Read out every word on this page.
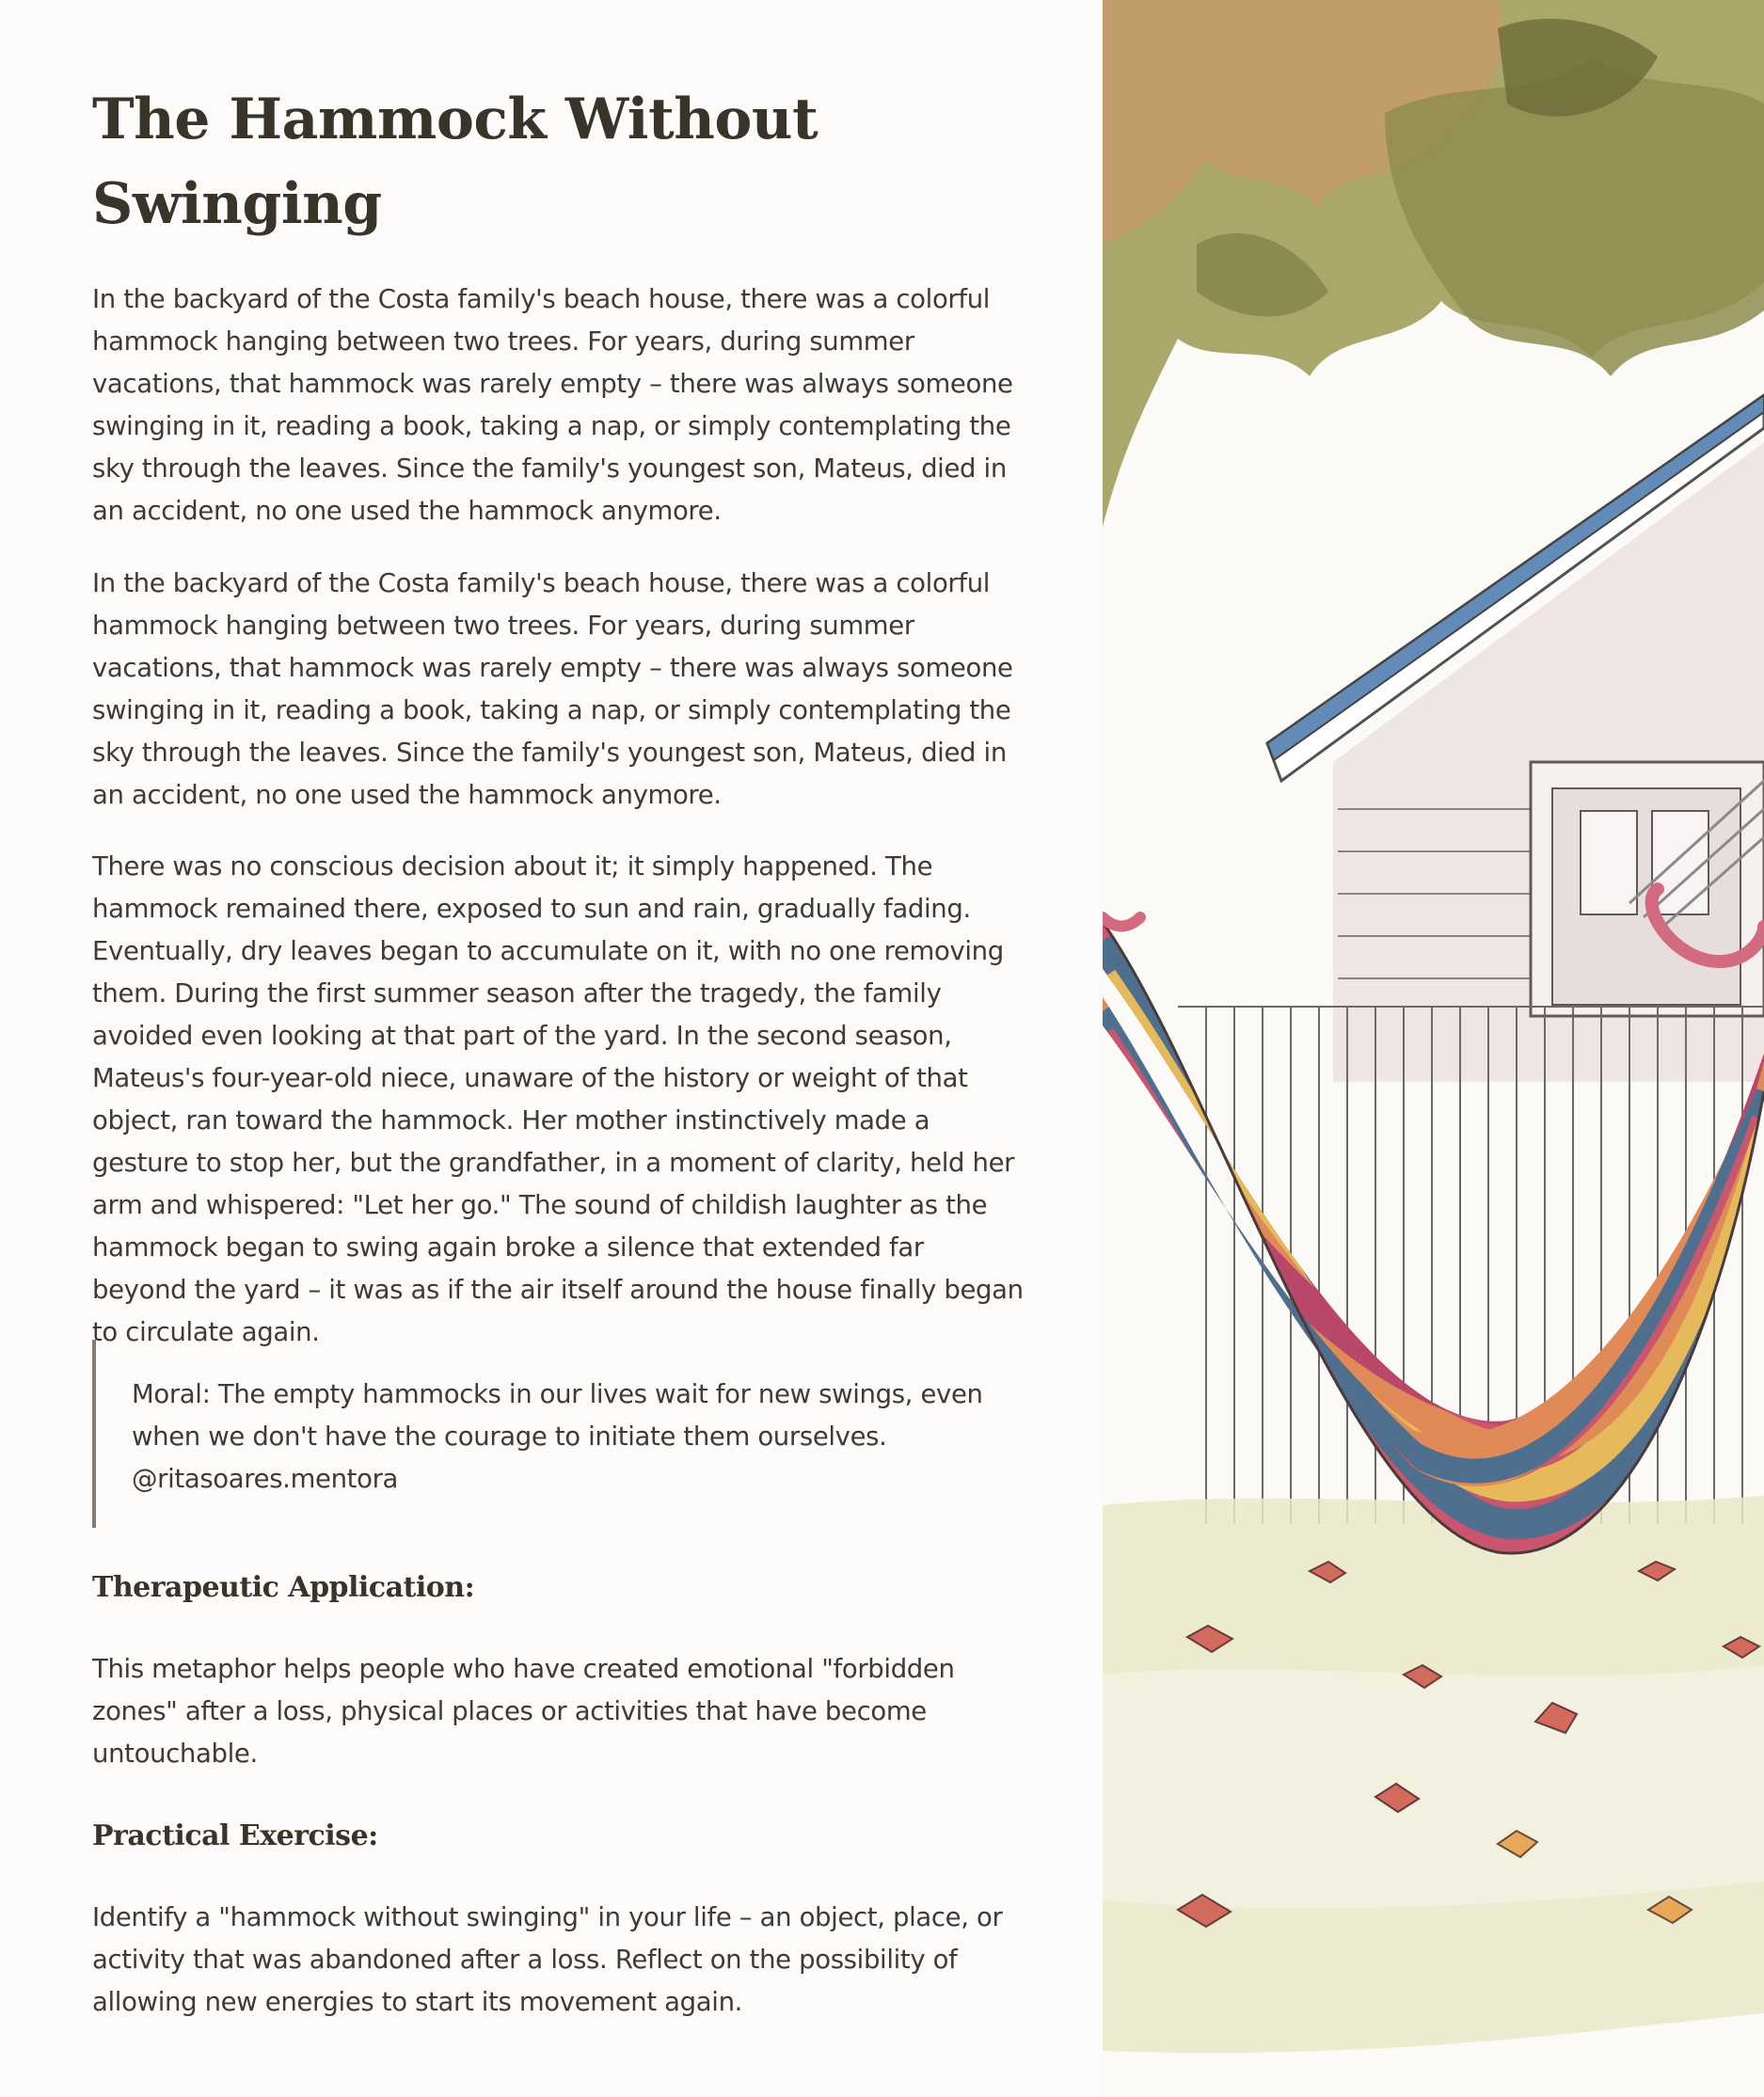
The Hammock Without Swinging

In the backyard of the Costa family's beach house, there was a colorful hammock hanging between two trees. For years, during summer vacations, that hammock was rarely empty – there was always someone swinging in it, reading a book, taking a nap, or simply contemplating the sky through the leaves. Since the family's youngest son, Mateus, died in an accident, no one used the hammock anymore.

In the backyard of the Costa family's beach house, there was a colorful hammock hanging between two trees. For years, during summer vacations, that hammock was rarely empty – there was always someone swinging in it, reading a book, taking a nap, or simply contemplating the sky through the leaves. Since the family's youngest son, Mateus, died in an accident, no one used the hammock anymore.

There was no conscious decision about it; it simply happened. The hammock remained there, exposed to sun and rain, gradually fading. Eventually, dry leaves began to accumulate on it, with no one removing them. During the first summer season after the tragedy, the family avoided even looking at that part of the yard. In the second season, Mateus's four-year-old niece, unaware of the history or weight of that object, ran toward the hammock. Her mother instinctively made a gesture to stop her, but the grandfather, in a moment of clarity, held her arm and whispered: "Let her go." The sound of childish laughter as the hammock began to swing again broke a silence that extended far beyond the yard – it was as if the air itself around the house finally began to circulate again.

Moral: The empty hammocks in our lives wait for new swings, even when we don't have the courage to initiate them ourselves.
@ritasoares.mentora

Therapeutic Application:

This metaphor helps people who have created emotional "forbidden zones" after a loss, physical places or activities that have become untouchable.

Practical Exercise:

Identify a "hammock without swinging" in your life – an object, place, or activity that was abandoned after a loss. Reflect on the possibility of allowing new energies to start its movement again.
